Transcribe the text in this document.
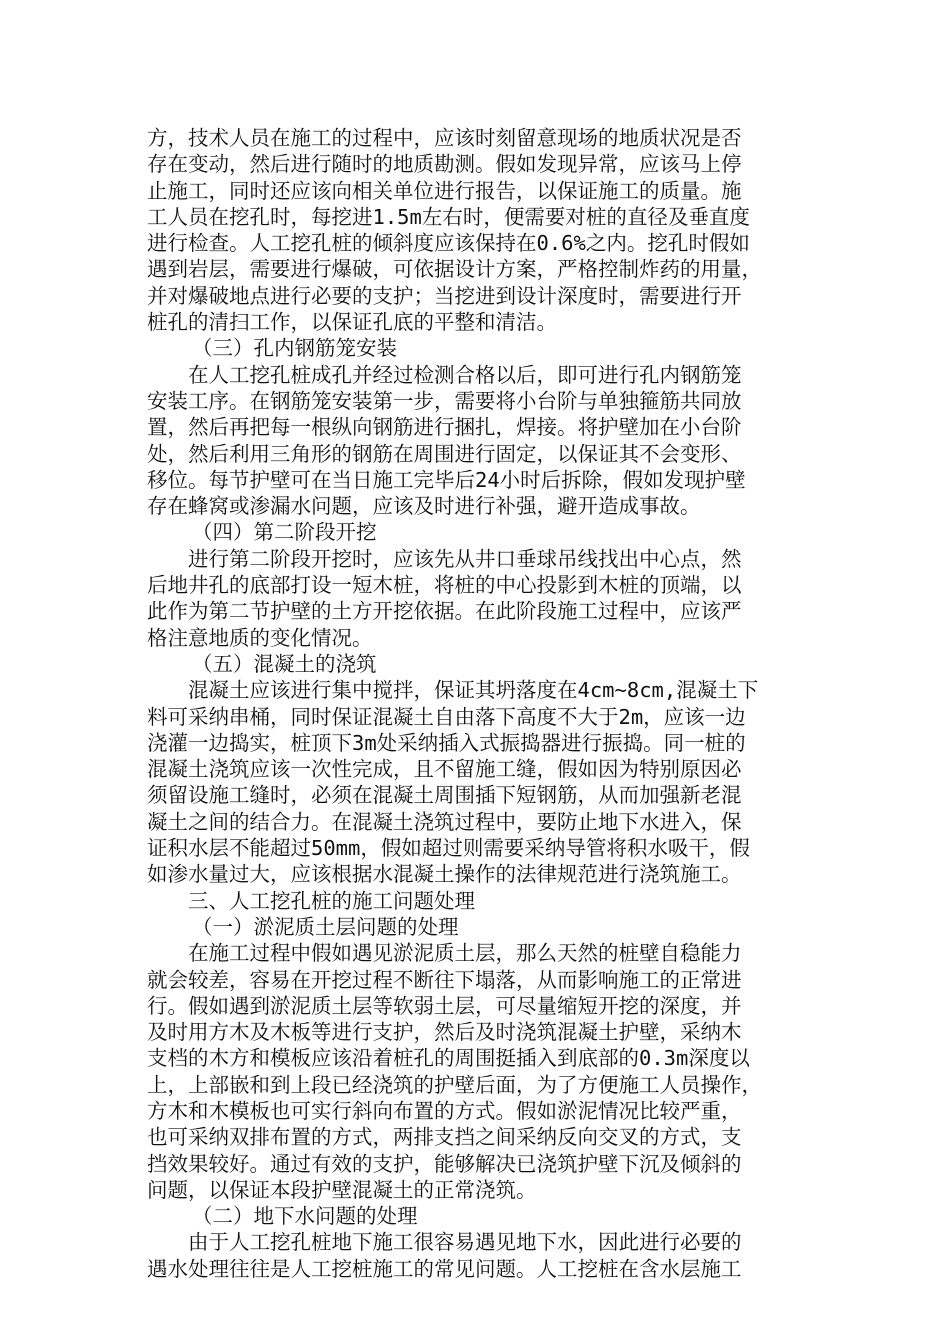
方，技术人员在施工的过程中，应该时刻留意现场的地质状况是否
存在变动，然后进行随时的地质勘测。假如发现异常，应该马上停
止施工，同时还应该向相关单位进行报告，以保证施工的质量。施
工人员在挖孔时，每挖进1.5m左右时，便需要对桩的直径及垂直度
进行检查。人工挖孔桩的倾斜度应该保持在0.6%之内。挖孔时假如
遇到岩层，需要进行爆破，可依据设计方案，严格控制炸药的用量，
并对爆破地点进行必要的支护；当挖进到设计深度时，需要进行开
桩孔的清扫工作，以保证孔底的平整和清洁。
（三）孔内钢筋笼安装
在人工挖孔桩成孔并经过检测合格以后，即可进行孔内钢筋笼
安装工序。在钢筋笼安装第一步，需要将小台阶与单独箍筋共同放
置，然后再把每一根纵向钢筋进行捆扎，焊接。将护壁加在小台阶
处，然后利用三角形的钢筋在周围进行固定，以保证其不会变形、
移位。每节护壁可在当日施工完毕后24小时后拆除，假如发现护壁
存在蜂窝或渗漏水问题，应该及时进行补强，避开造成事故。
（四）第二阶段开挖
进行第二阶段开挖时，应该先从井口垂球吊线找出中心点，然
后地井孔的底部打设一短木桩，将桩的中心投影到木桩的顶端，以
此作为第二节护壁的土方开挖依据。在此阶段施工过程中，应该严
格注意地质的变化情况。
（五）混凝土的浇筑
混凝土应该进行集中搅拌，保证其坍落度在4cm~8cm,混凝土下
料可采纳串桶，同时保证混凝土自由落下高度不大于2m，应该一边
浇灌一边捣实，桩顶下3m处采纳插入式振捣器进行振捣。同一桩的
混凝土浇筑应该一次性完成，且不留施工缝，假如因为特别原因必
须留设施工缝时，必须在混凝土周围插下短钢筋，从而加强新老混
凝土之间的结合力。在混凝土浇筑过程中，要防止地下水进入，保
证积水层不能超过50mm，假如超过则需要采纳导管将积水吸干，假
如渗水量过大，应该根据水混凝土操作的法律规范进行浇筑施工。
三、人工挖孔桩的施工问题处理
（一）淤泥质土层问题的处理
在施工过程中假如遇见淤泥质土层，那么天然的桩壁自稳能力
就会较差，容易在开挖过程不断往下塌落，从而影响施工的正常进
行。假如遇到淤泥质土层等软弱土层，可尽量缩短开挖的深度，并
及时用方木及木板等进行支护，然后及时浇筑混凝土护壁，采纳木
支档的木方和模板应该沿着桩孔的周围挺插入到底部的0.3m深度以
上，上部嵌和到上段已经浇筑的护壁后面，为了方便施工人员操作，
方木和木模板也可实行斜向布置的方式。假如淤泥情况比较严重，
也可采纳双排布置的方式，两排支挡之间采纳反向交叉的方式，支
挡效果较好。通过有效的支护，能够解决已浇筑护壁下沉及倾斜的
问题，以保证本段护壁混凝土的正常浇筑。
（二）地下水问题的处理
由于人工挖孔桩地下施工很容易遇见地下水，因此进行必要的
遇水处理往往是人工挖桩施工的常见问题。人工挖桩在含水层施工
